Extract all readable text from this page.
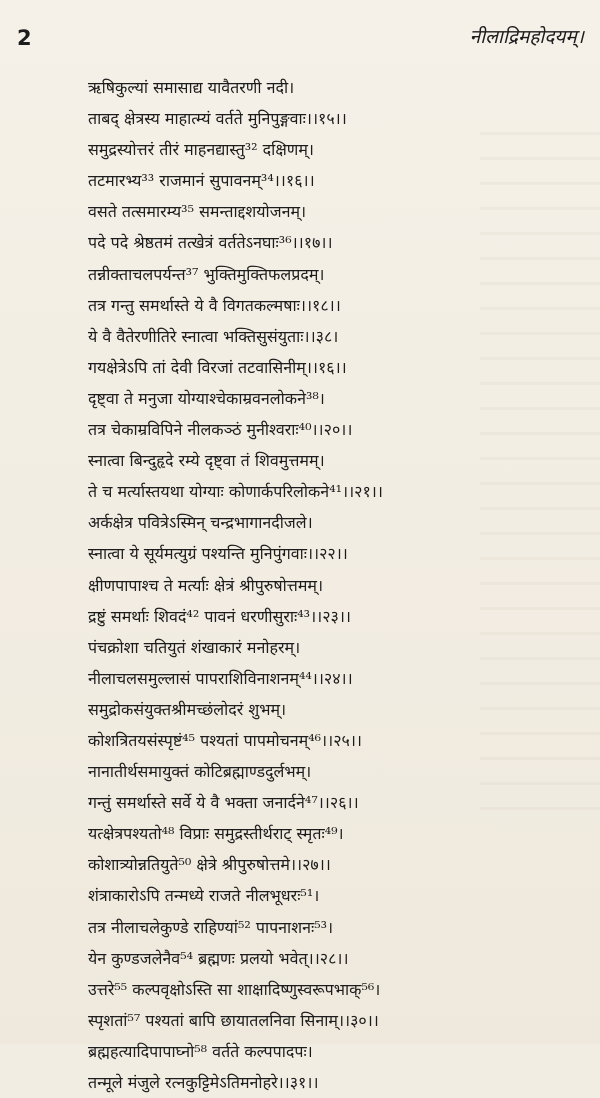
2	नीलाद्रिमहोदयम्।
ऋषिकुल्यां समासाद्य यावैतरणी नदी।
ताबद् क्षेत्रस्य माहात्म्यं वर्तते मुनिपुङ्गवाः।।१५।।
समुद्रस्योत्तरं तीरं माहनद्यास्तु³² दक्षिणम्।
तटमारभ्य³³ राजमानं सुपावनम्³⁴।।१६।।
वसते तत्समारम्य³⁵ समन्ताद्दशयोजनम्।
पदे पदे श्रेष्ठतमं तत्खेत्रं वर्ततेऽनघाः³⁶।।१७।।
तन्नीक्ताचलपर्यन्त³⁷ भुक्तिमुक्तिफलप्रदम्।
तत्र गन्तु समर्थास्ते ये वै विगतकल्मषाः।।१८।।
ये वै वैतेरणीतिरे स्नात्वा भक्तिसुसंयुताः।।३८।
गयक्षेत्रेऽपि तां देवी विरजां तटवासिनीम्।।१६।।
दृष्ट्वा ते मनुजा योग्याश्चेकाम्रवनलोकने³⁸।
तत्र चेकाम्रविपिने नीलकञ्ठं मुनीश्वराः⁴⁰।।२०।।
स्नात्वा बिन्दुहृदे रम्ये दृष्ट्वा तं शिवमुत्तमम्।
ते च मर्त्यास्तयथा योग्याः कोणार्कपरिलोकने⁴¹।।२१।।
अर्कक्षेत्र पवित्रेऽस्मिन् चन्द्रभागानदीजले।
स्नात्वा ये सूर्यमत्युग्रं पश्यन्ति मुनिपुंगवाः।।२२।।
क्षीणपापाश्च ते मर्त्याः क्षेत्रं श्रीपुरुषोत्तमम्।
द्रष्टुं समर्थाः शिवदं⁴² पावनं धरणीसुराः⁴³।।२३।।
पंचक्रोशा चतियुतं शंखाकारं मनोहरम्।
नीलाचलसमुल्लासं पापराशिविनाशनम्⁴⁴।।२४।।
समुद्रोकसंयुक्तश्रीमच्छंलोदरं शुभम्।
कोशत्रितयसंस्पृष्टं⁴⁵ पश्यतां पापमोचनम्⁴⁶।।२५।।
नानातीर्थसमायुक्तं कोटिब्रह्माण्डदुर्लभम्।
गन्तुं समर्थास्ते सर्वे ये वै भक्ता जनार्दने⁴⁷।।२६।।
यत्क्षेत्रपश्यतो⁴⁸ विप्राः समुद्रस्तीर्थराट् स्मृतः⁴⁹।
कोशात्र्योन्नतियुते⁵⁰ क्षेत्रे श्रीपुरुषोत्तमे।।२७।।
शंत्राकारोऽपि तन्मध्ये राजते नीलभूधरः⁵¹।
तत्र नीलाचलेकुण्डे राहिण्यां⁵² पापनाशनः⁵³।
येन कुण्डजलेनैव⁵⁴ ब्रह्मणः प्रलयो भवेत्।।२८।।
उत्तरे⁵⁵ कल्पवृक्षोऽस्ति सा शाक्षादिष्णुस्वरूपभाक्⁵⁶।
स्पृशतां⁵⁷ पश्यतां बापि छायातलनिवा सिनाम्।।३०।।
ब्रह्महत्यादिपापाघ्नो⁵⁸ वर्तते कल्पपादपः।
तन्मूले मंजुले रत्नकुट्टिमेऽतिमनोहरे।।३१।।
